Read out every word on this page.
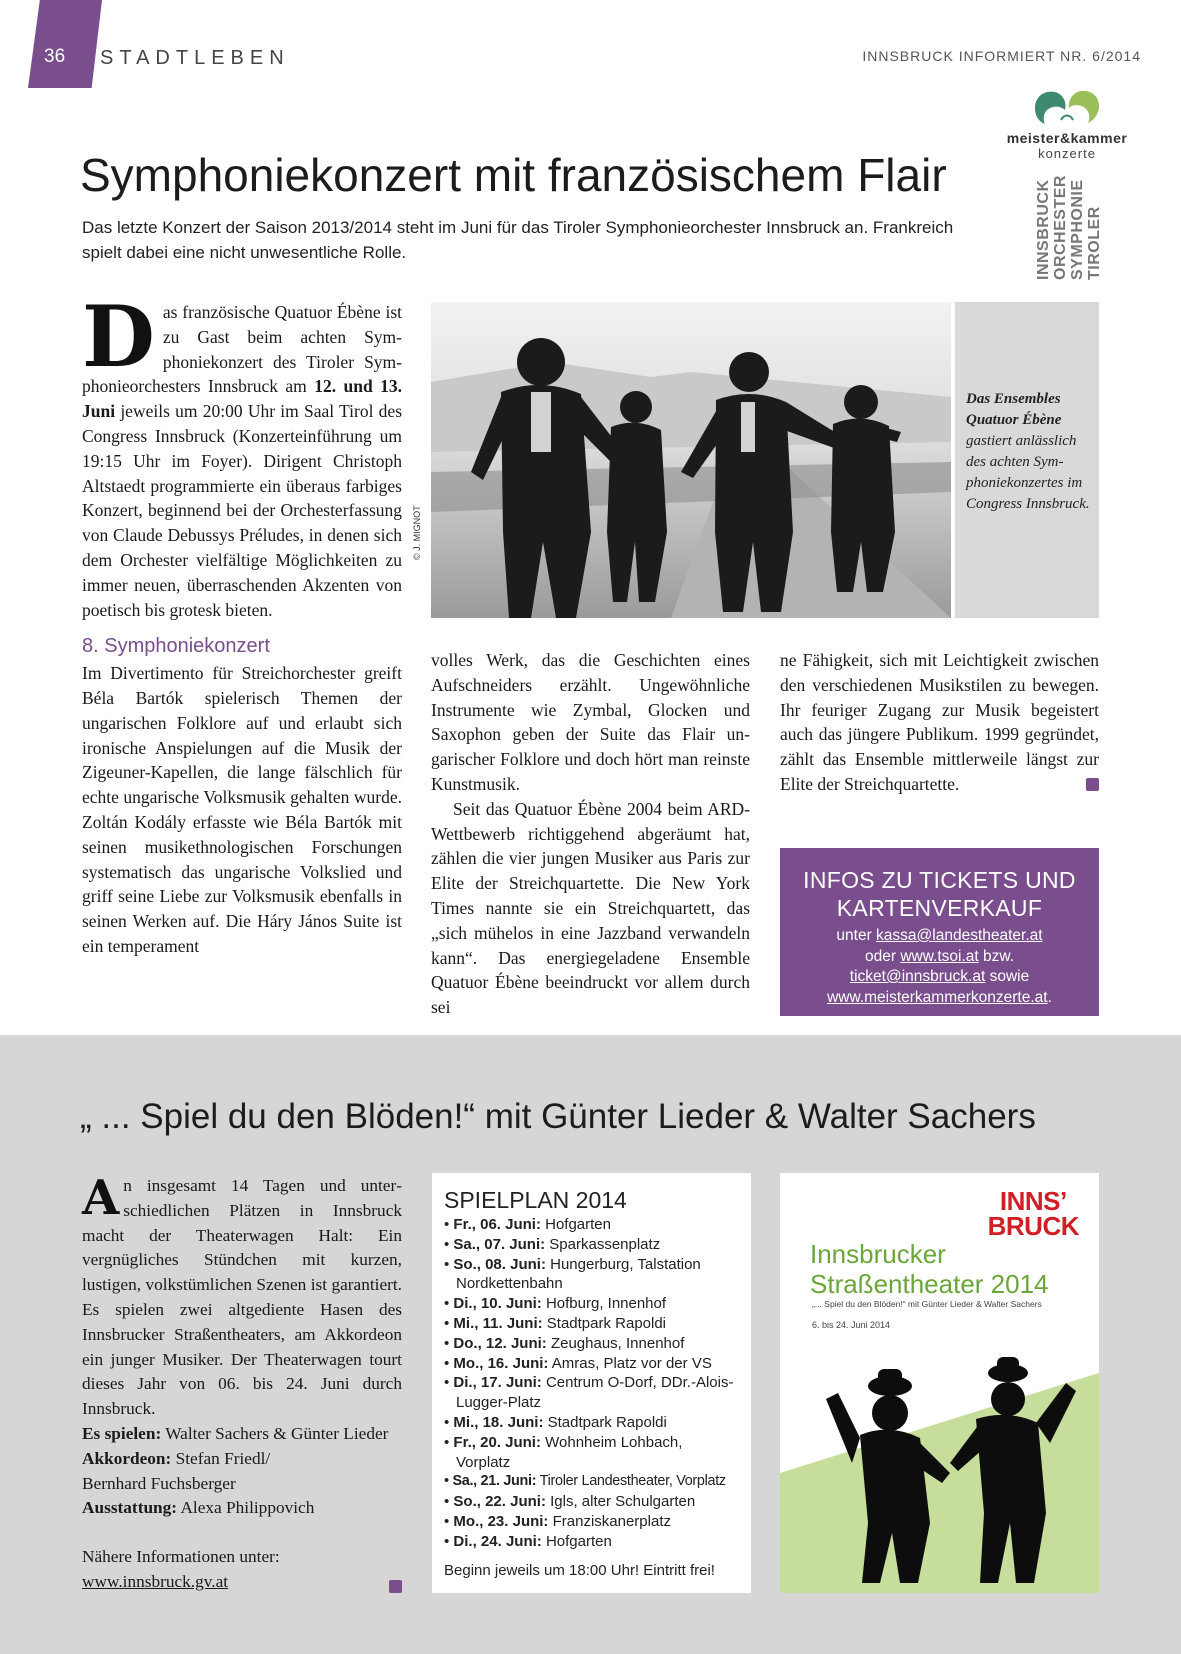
36 STADTLEBEN	INNSBRUCK INFORMIERT NR. 6/2014
meister&kammer
konzerte
TIROLER
SYMPHONIE
ORCHESTER
INNSBRUCK
Symphoniekonzert mit französischem Flair

Das letzte Konzert der Saison 2013/2014 steht im Juni für das Tiroler Symphonieorchester Innsbruck an. Frankreich spielt dabei eine nicht unwesentliche Rolle.

Das französische Quatuor Ébène ist zu Gast beim achten Symphoniekonzert des Tiroler Symphonieorchesters Innsbruck am 12. und 13. Juni jeweils um 20:00 Uhr im Saal Tirol des Congress Innsbruck (Konzerteinführung um 19:15 Uhr im Foyer). Dirigent Christoph Altstaedt programmierte ein überaus farbiges Konzert, beginnend bei der Orchesterfassung von Claude Debussys Préludes, in denen sich dem Orchester vielfältige Möglichkeiten zu immer neuen, überraschenden Akzenten von poetisch bis grotesk bieten.

8. Symphoniekonzert

Im Divertimento für Streichorchester greift Béla Bartók spielerisch Themen der ungarischen Folklore auf und erlaubt sich ironische Anspielungen auf die Musik der Zigeuner-Kapellen, die lange fälschlich für echte ungarische Volksmusik gehalten wurde. Zoltán Kodály erfasste wie Béla Bartók mit seinen musikethnologischen Forschungen systematisch das ungarische Volkslied und griff seine Liebe zur Volksmusik ebenfalls in seinen Werken auf. Die Háry János Suite ist ein temperament

© J. MIGNOT
Das Ensembles Quatuor Ébène gastiert anlässlich des achten Symphoniekonzertes im Congress Innsbruck.

volles Werk, das die Geschichten eines Aufschneiders erzählt. Ungewöhnliche Instrumente wie Zymbal, Glocken und Saxophon geben der Suite das Flair ungarischer Folklore und doch hört man reinste Kunstmusik.

Seit das Quatuor Ébène 2004 beim ARD-Wettbewerb richtiggehend abgeräumt hat, zählen die vier jungen Musiker aus Paris zur Elite der Streichquartette. Die New York Times nannte sie ein Streichquartett, das „sich mühelos in eine Jazzband verwandeln kann“. Das energiegeladene Ensemble Quatuor Ébène beeindruckt vor allem durch sei

ne Fähigkeit, sich mit Leichtigkeit zwischen den verschiedenen Musikstilen zu bewegen. Ihr feuriger Zugang zur Musik begeistert auch das jüngere Publikum. 1999 gegründet, zählt das Ensemble mittlerweile längst zur Elite der Streichquartette.

INFOS ZU TICKETS UND KARTENVERKAUF
unter kassa@landestheater.at
oder www.tsoi.at bzw.
ticket@innsbruck.at sowie
www.meisterkammerkonzerte.at.
„ ... Spiel du den Blöden!“ mit Günter Lieder & Walter Sachers

An insgesamt 14 Tagen und unterschiedlichen Plätzen in Innsbruck macht der Theaterwagen Halt: Ein vergnügliches Stündchen mit kurzen, lustigen, volkstümlichen Szenen ist garantiert. Es spielen zwei altgediente Hasen des Innsbrucker Straßentheaters, am Akkordeon ein junger Musiker. Der Theaterwagen tourt dieses Jahr von 06. bis 24. Juni durch Innsbruck.

Es spielen: Walter Sachers & Günter Lieder
Akkordeon: Stefan Friedl/
Bernhard Fuchsberger
Ausstattung: Alexa Philippovich
Nähere Informationen unter:
www.innsbruck.gv.at
SPIELPLAN 2014
• Fr., 06. Juni: Hofgarten
• Sa., 07. Juni: Sparkassenplatz
• So., 08. Juni: Hungerburg, Talstation Nordkettenbahn
• Di., 10. Juni: Hofburg, Innenhof
• Mi., 11. Juni: Stadtpark Rapoldi
• Do., 12. Juni: Zeughaus, Innenhof
• Mo., 16. Juni: Amras, Platz vor der VS
• Di., 17. Juni: Centrum O-Dorf, DDr.-Alois-Lugger-Platz
• Mi., 18. Juni: Stadtpark Rapoldi
• Fr., 20. Juni: Wohnheim Lohbach, Vorplatz
• Sa., 21. Juni: Tiroler Landestheater, Vorplatz
• So., 22. Juni: Igls, alter Schulgarten
• Mo., 23. Juni: Franziskanerplatz
• Di., 24. Juni: Hofgarten
Beginn jeweils um 18:00 Uhr! Eintritt frei!
INNS’
BRUCK
Innsbrucker
Straßentheater 2014
„... Spiel du den Blöden!“ mit Günter Lieder & Walter Sachers
6. bis 24. Juni 2014
